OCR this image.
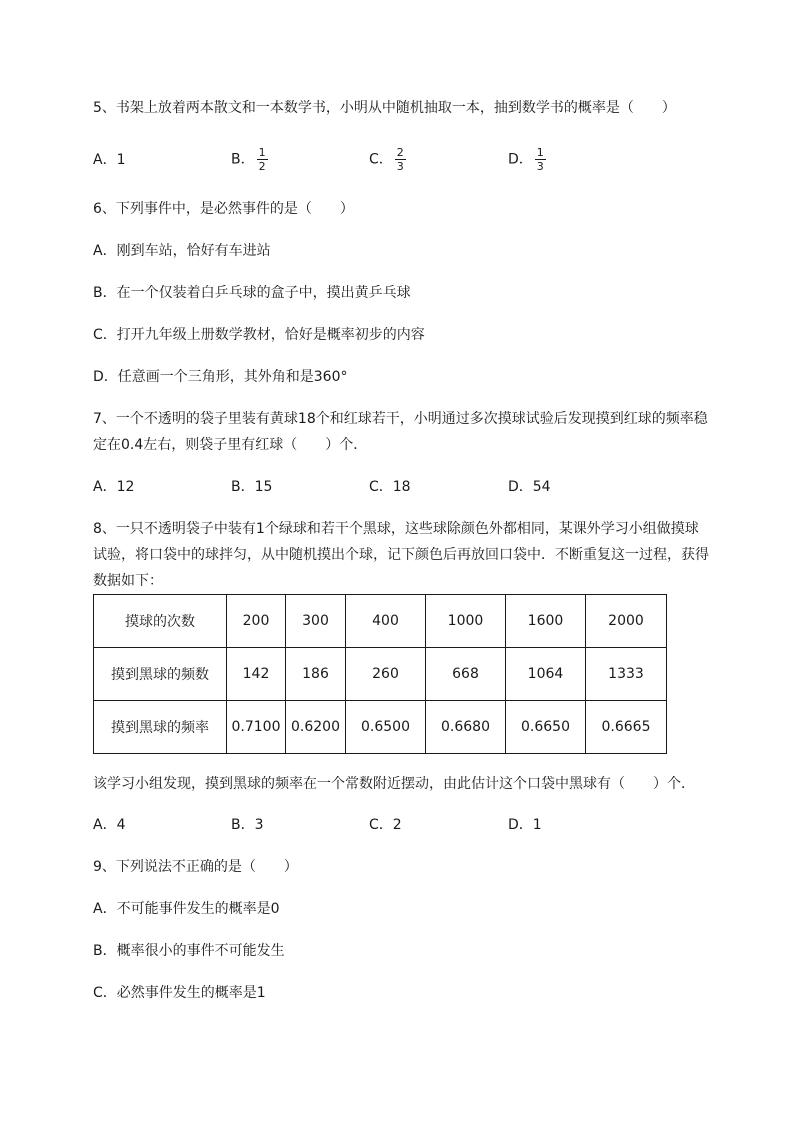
5、书架上放着两本散文和一本数学书，小明从中随机抽取一本，抽到数学书的概率是（　　）
A．1	B． $\frac{1}{2}$	C． $\frac{2}{3}$	D． $\frac{1}{3}$
6、下列事件中，是必然事件的是（　　）
A．刚到车站，恰好有车进站
B．在一个仅装着白乒乓球的盒子中，摸出黄乒乓球
C．打开九年级上册数学教材，恰好是概率初步的内容
D．任意画一个三角形，其外角和是360°
7、一个不透明的袋子里装有黄球18个和红球若干，小明通过多次摸球试验后发现摸到红球的频率稳
定在0.4左右，则袋子里有红球（　　）个．
A．12	B．15	C．18	D．54
8、一只不透明袋子中装有1个绿球和若干个黑球，这些球除颜色外都相同，某课外学习小组做摸球
试验，将口袋中的球拌匀，从中随机摸出个球，记下颜色后再放回口袋中．不断重复这一过程，获得
数据如下：
摸球的次数	200	300	400	1000	1600	2000
摸到黑球的频数	142	186	260	668	1064	1333
摸到黑球的频率	0.7100	0.6200	0.6500	0.6680	0.6650	0.6665
该学习小组发现，摸到黑球的频率在一个常数附近摆动，由此估计这个口袋中黑球有（　　）个．
A．4	B．3	C．2	D．1
9、下列说法不正确的是（　　）
A．不可能事件发生的概率是0
B．概率很小的事件不可能发生
C．必然事件发生的概率是1
